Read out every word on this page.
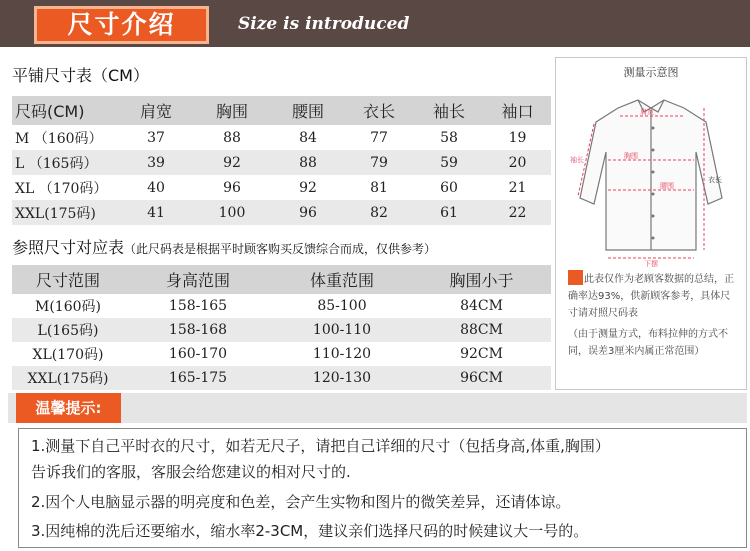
尺寸介绍	Size is introduced
平铺尺寸表（CM）
尺码(CM)	肩宽	胸围	腰围	衣长	袖长	袖口
M （160码）	37	88	84	77	58	19
L （165码）	39	92	88	79	59	20
XL （170码）	40	96	92	81	60	21
XXL(175码)	41	100	96	82	61	22
参照尺寸对应表（此尺码表是根据平时顾客购买反馈综合而成，仅供参考）
尺寸范围	身高范围	体重范围	胸围小于
M(160码)	158-165	85-100	84CM
L(165码)	158-168	100-110	88CM
XL(170码)	160-170	110-120	92CM
XXL(175码)	165-175	120-130	96CM
测量示意图
肩宽
胸围
腰围
衣长
袖长
下摆
此表仅作为老顾客数据的总结，正确率达93%，供新顾客参考，具体尺寸请对照尺码表
（由于测量方式，布料拉伸的方式不同，误差3厘米内属正常范围）
温馨提示:
1.测量下自己平时衣的尺寸，如若无尺子，请把自己详细的尺寸（包括身高,体重,胸围）
告诉我们的客服，客服会给您建议的相对尺寸的.
2.因个人电脑显示器的明亮度和色差，会产生实物和图片的微笑差异，还请体谅。
3.因纯棉的洗后还要缩水，缩水率2-3CM，建议亲们选择尺码的时候建议大一号的。
